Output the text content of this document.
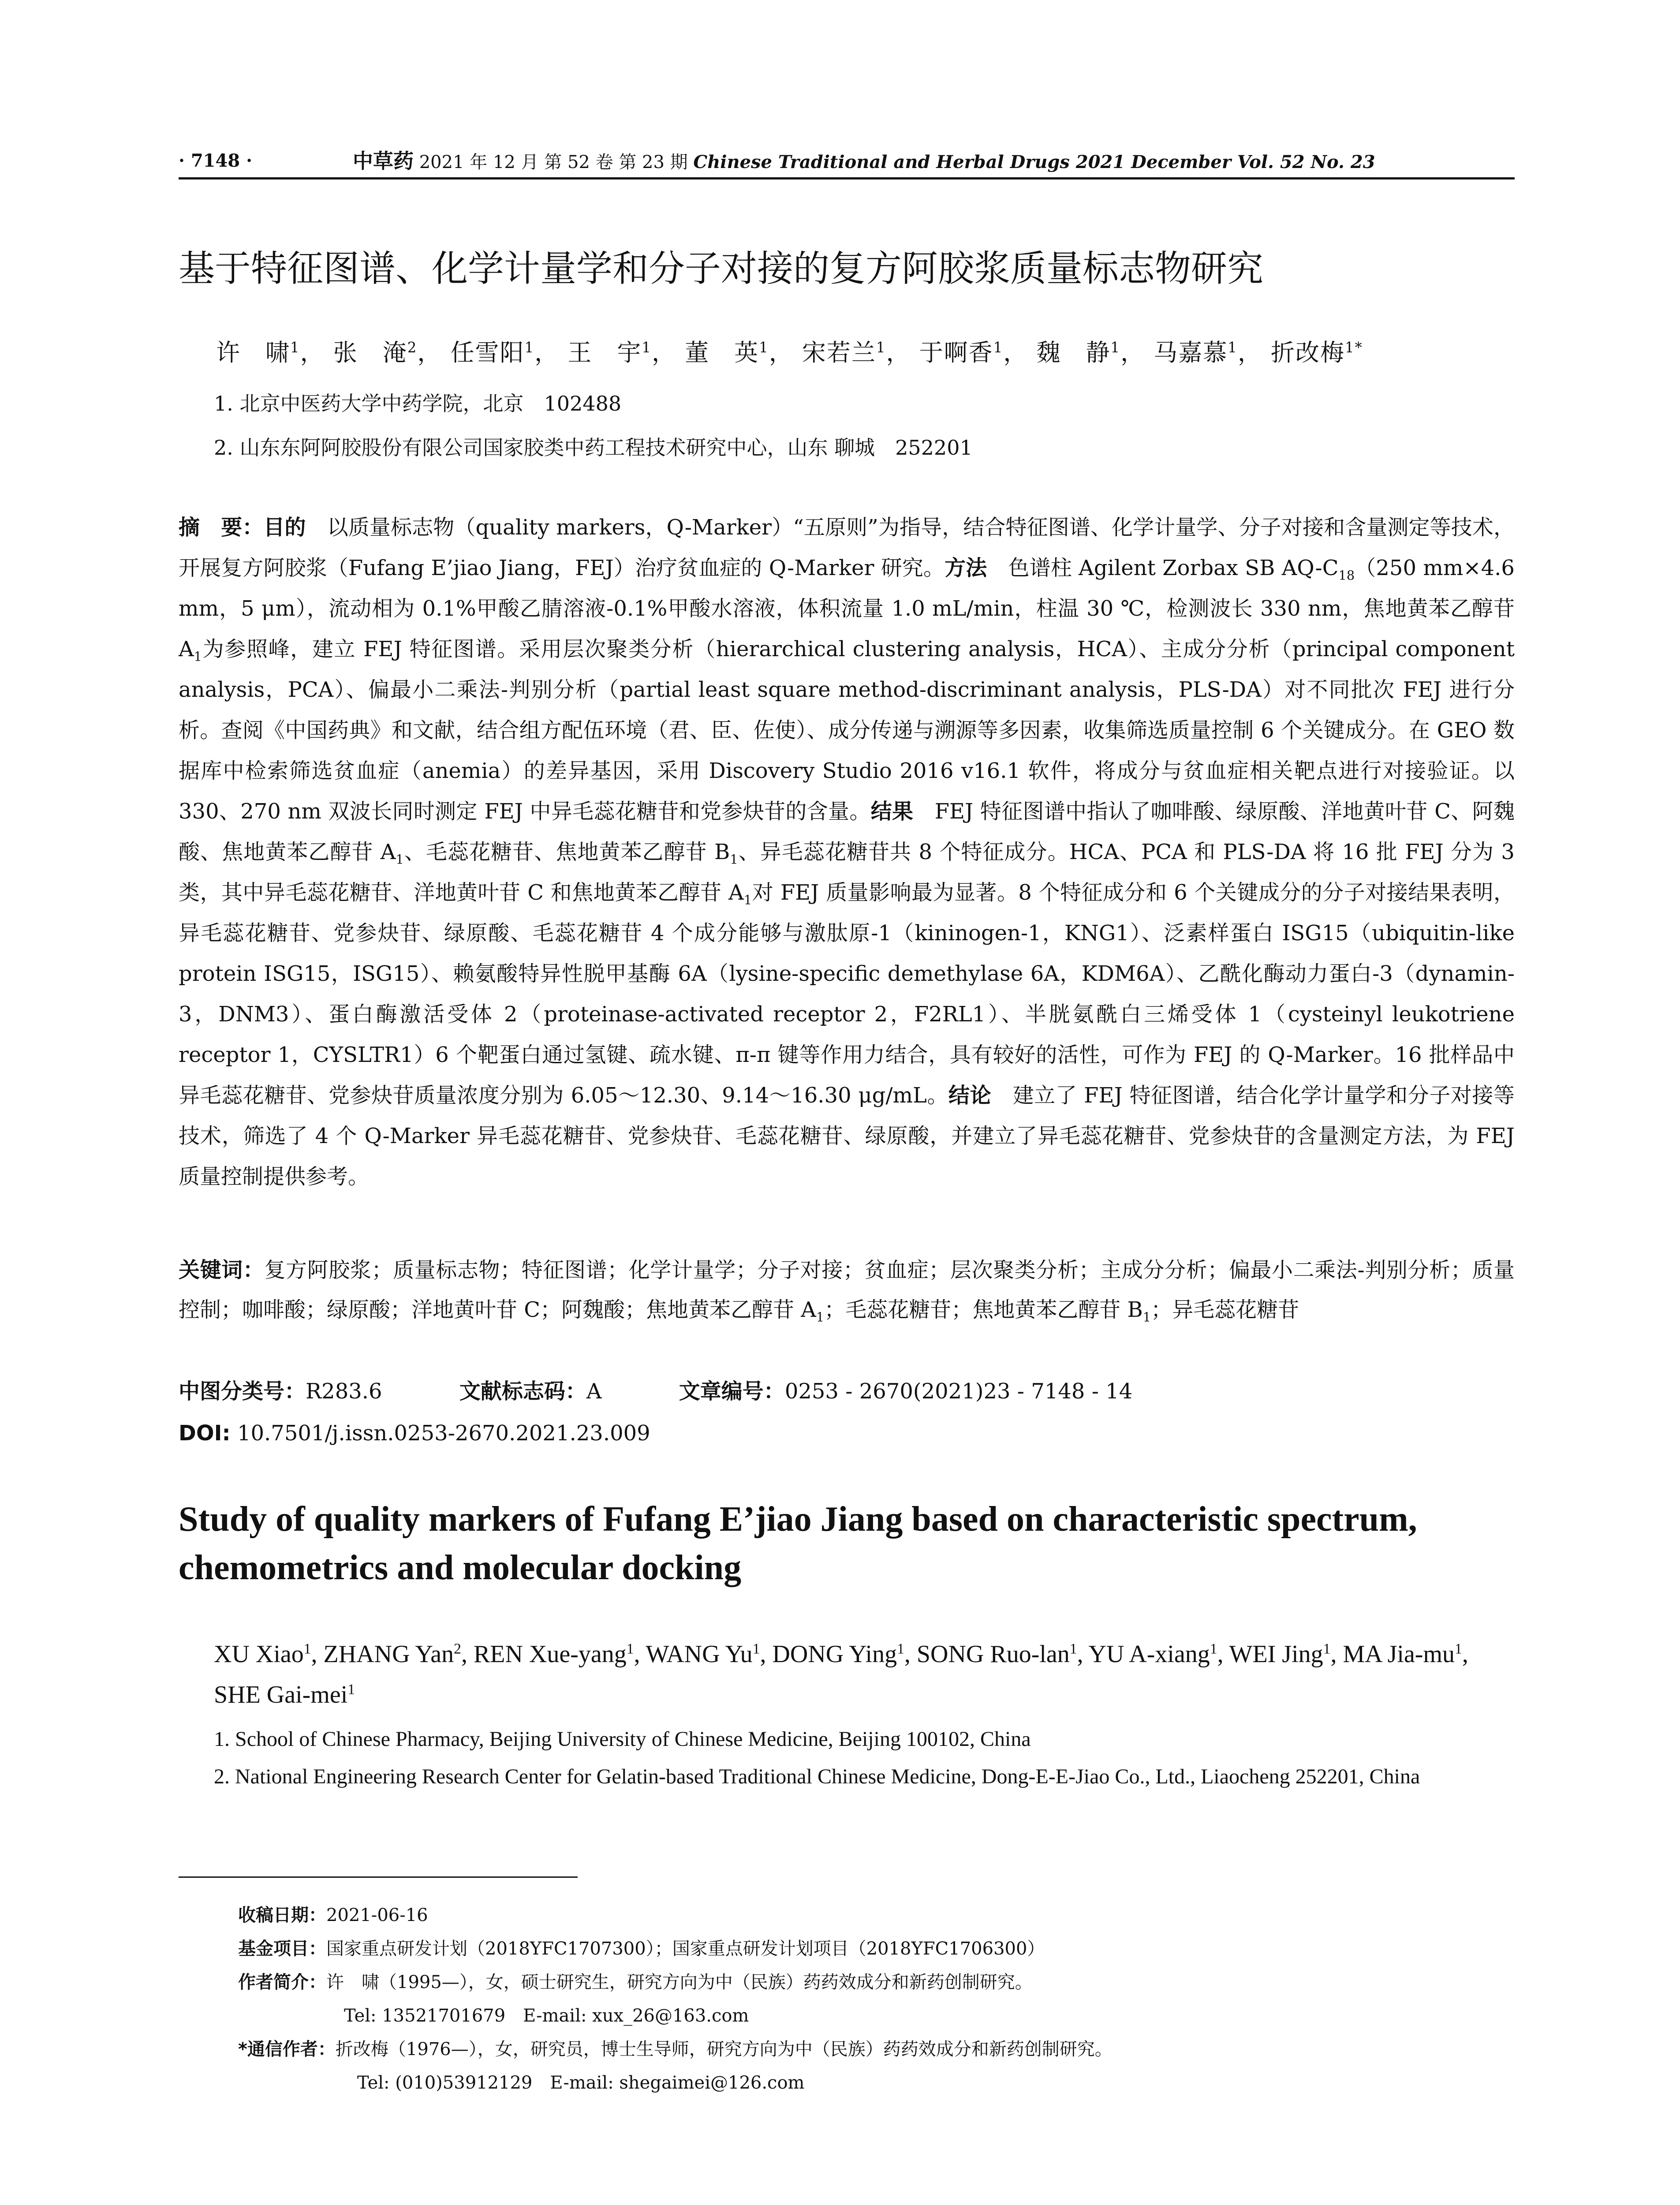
· 7148 ·	中草药 2021 年 12 月 第 52 卷 第 23 期 Chinese Traditional and Herbal Drugs 2021 December Vol. 52 No. 23
基于特征图谱、化学计量学和分子对接的复方阿胶浆质量标志物研究
许　啸$^1$， 张　淹$^2$， 任雪阳$^1$， 王　宇$^1$， 董　英$^1$， 宋若兰$^1$， 于啊香$^1$， 魏　静$^1$， 马嘉慕$^1$， 折改梅$^{1*}$
1. 北京中医药大学中药学院，北京　102488
2. 山东东阿阿胶股份有限公司国家胶类中药工程技术研究中心，山东 聊城　252201
摘　要：目的　 以质量标志物（quality markers，Q-Marker）“五原则”为指导，结合特征图谱、化学计量学、分子对接和含量测定等技术，开展复方阿胶浆（Fufang E’jiao Jiang，FEJ）治疗贫血症的 Q-Marker 研究。方法　 色谱柱 Agilent Zorbax SB $AQ-C_{18}(250$ mm×4.6 mm，5 μm），流动相为 0.1%甲酸乙腈溶液-0.1%甲酸水溶液，体积流量 1.0 mL/min，柱温 30 ℃，检测波长 330 nm，焦地黄苯乙醇苷 $A_1$为参照峰，建立 FEJ 特征图谱。采用层次聚类分析（hierarchical clustering analysis，HCA）、主成分分析（principal component analysis，PCA）、偏最小二乘法-判别分析（partial least square method-discriminant analysis，PLS-DA）对不同批次 FEJ 进行分析。查阅《中国药典》和文献，结合组方配伍环境（君、臣、佐使）、成分传递与溯源等多因素，收集筛选质量控制 6 个关键成分。在 GEO 数据库中检索筛选贫血症（anemia）的差异基因，采用 Discovery Studio 2016 v16.1 软件，将成分与贫血症相关靶点进行对接验证。以 330、270 nm 双波长同时测定 FEJ 中异毛蕊花糖苷和党参炔苷的含量。结果　 FEJ 特征图谱中指认了咖啡酸、绿原酸、洋地黄叶苷 C、阿魏酸、焦地黄苯乙醇苷 $A_1$、毛蕊花糖苷、焦地黄苯乙醇苷 $B_1$、异毛蕊花糖苷共 8 个特征成分。HCA、PCA 和 PLS-DA 将 16 批 FEJ 分为 3 类，其中异毛蕊花糖苷、洋地黄叶苷 C 和焦地黄苯乙醇苷 $A_1$对 FEJ 质量影响最为显著。8 个特征成分和 6 个关键成分的分子对接结果表明，异毛蕊花糖苷、党参炔苷、绿原酸、毛蕊花糖苷 4 个成分能够与激肽原-1（kininogen-1，KNG1）、泛素样蛋白 ISG15（ubiquitin-like protein ISG15，ISG15）、赖氨酸特异性脱甲基酶 6A（lysine-specific demethylase 6A，KDM6A）、乙酰化酶动力蛋白-3（dynamin-3，DNM3）、蛋白酶激活受体 2（proteinase-activated receptor 2，F2RL1）、半胱氨酰白三烯受体 1（cysteinyl leukotriene receptor 1，CYSLTR1）6 个靶蛋白通过氢键、疏水键、π-π 键等作用力结合，具有较好的活性，可作为 FEJ 的 Q-Marker。16 批样品中异毛蕊花糖苷、党参炔苷质量浓度分别为 6.05～12.30、9.14～16.30 μg/mL。结论　 建立了 FEJ 特征图谱，结合化学计量学和分子对接等技术，筛选了 4 个 Q-Marker 异毛蕊花糖苷、党参炔苷、毛蕊花糖苷、绿原酸，并建立了异毛蕊花糖苷、党参炔苷的含量测定方法，为 FEJ 质量控制提供参考。
关键词：复方阿胶浆；质量标志物；特征图谱；化学计量学；分子对接；贫血症；层次聚类分析；主成分分析；偏最小二乘法-判别分析；质量控制；咖啡酸；绿原酸；洋地黄叶苷 C；阿魏酸；焦地黄苯乙醇苷 $A_1$；毛蕊花糖苷；焦地黄苯乙醇苷 $B_1$；异毛蕊花糖苷
中图分类号：R283.6	文献标志码：A	文章编号：0253 - 2670(2021)23 - 7148 - 14
DOI: 10.7501/j.issn.0253-2670.2021.23.009
Study of quality markers of Fufang E’jiao Jiang based on characteristic spectrum, chemometrics and molecular docking
XU Xiao$^1$, ZHANG Yan$^2$, REN Xue-yang$^1$, WANG Yu$^1$, DONG Ying$^1$, SONG Ruo-lan$^1$, YU A-xiang$^1$, WEI Jing$^1$, MA Jia-$mu^1$, SHE Gai-mei$^1$
1. School of Chinese Pharmacy, Beijing University of Chinese Medicine, Beijing 100102, China
2. National Engineering Research Center for Gelatin-based Traditional Chinese Medicine, Dong-E-E-Jiao Co., Ltd., Liaocheng 252201, China
收稿日期：2021-06-16
基金项目：国家重点研发计划（2018YFC1707300）；国家重点研发计划项目（2018YFC1706300）
作者简介：许　啸（1995—），女，硕士研究生，研究方向为中（民族）药药效成分和新药创制研究。
Tel: 13521701679　E-mail: xux_26@163.com
*通信作者：折改梅（1976—），女，研究员，博士生导师，研究方向为中（民族）药药效成分和新药创制研究。
Tel: (010)53912129　E-mail: shegaimei@126.com
